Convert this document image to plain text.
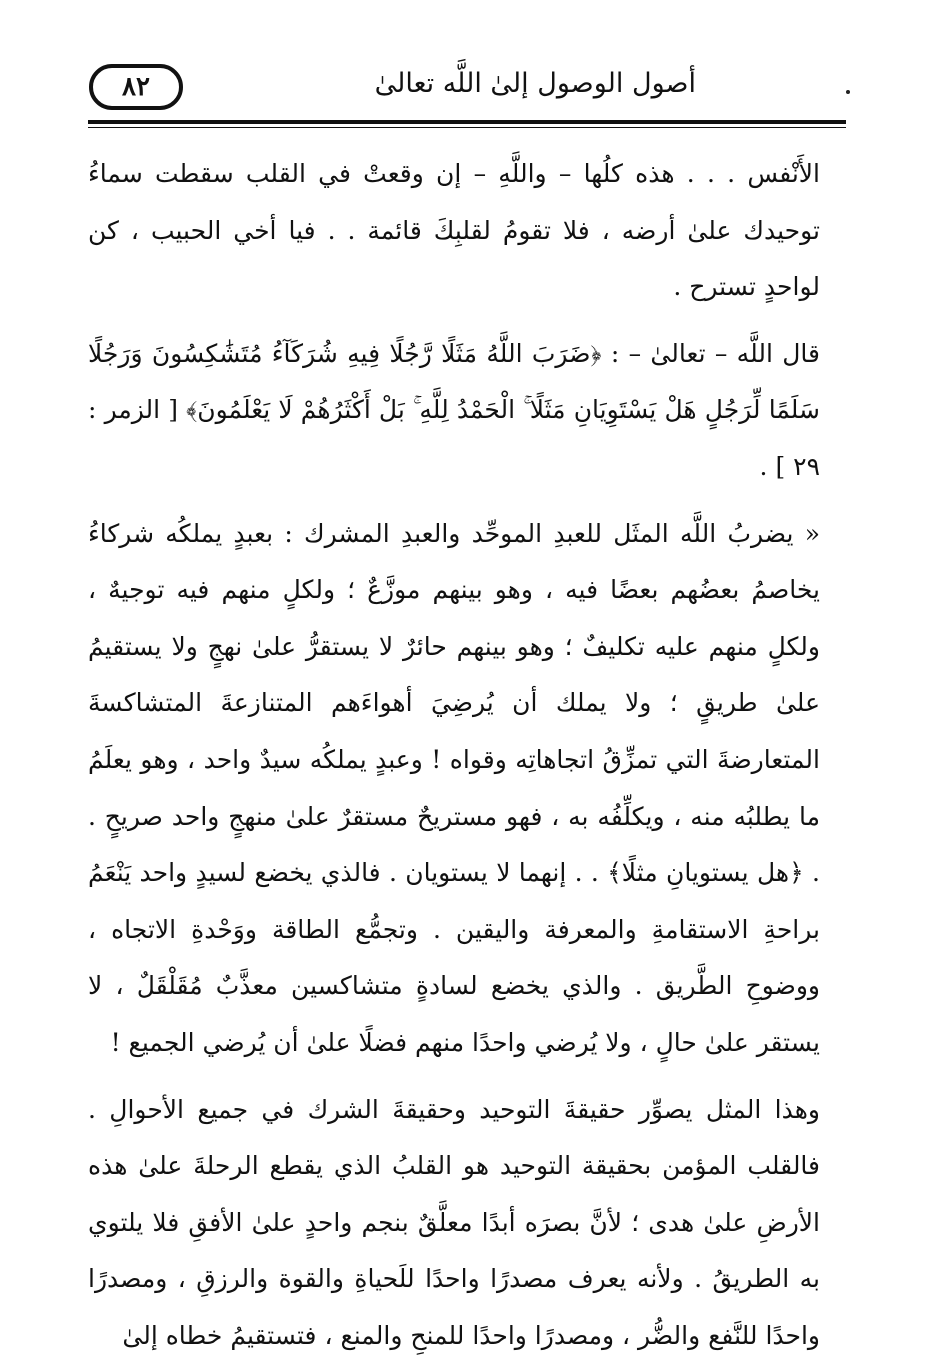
٨٢	أصول الوصول إلىٰ اللَّه تعالىٰ

الأَنْفس . . . هذه كلُها – واللَّهِ – إن وقعتْ في القلب سقطت سماءُ توحيدك علىٰ أرضه ، فلا تقومُ لقلبِكَ قائمة . . فيا أخي الحبيب ، كن لواحدٍ تسترح .

قال اللَّه – تعالىٰ – : ﴿ضَرَبَ اللَّهُ مَثَلًا رَّجُلًا فِيهِ شُرَكَآءُ مُتَشَٰكِسُونَ وَرَجُلًا سَلَمًا لِّرَجُلٍ هَلْ يَسْتَوِيَانِ مَثَلًا ۚ الْحَمْدُ لِلَّهِ ۚ بَلْ أَكْثَرُهُمْ لَا يَعْلَمُونَ﴾ [ الزمر : ٢٩ ] .

« يضربُ اللَّه المثَل للعبدِ الموحِّد والعبدِ المشرك : بعبدٍ يملكُه شركاءُ يخاصمُ بعضُهم بعضًا فيه ، وهو بينهم موزَّعٌ ؛ ولكلٍ منهم فيه توجيهٌ ، ولكلٍ منهم عليه تكليفٌ ؛ وهو بينهم حائرٌ لا يستقرُّ علىٰ نهجٍ ولا يستقيمُ علىٰ طريقٍ ؛ ولا يملك أن يُرضِيَ أهواءَهم المتنازعةَ المتشاكسةَ المتعارضةَ التي تمزِّقُ اتجاهاتِه وقواه ! وعبدٍ يملكُه سيدٌ واحد ، وهو يعلَمُ ما يطلبُه منه ، ويكلِّفُه به ، فهو مستريحٌ مستقرٌ علىٰ منهجٍ واحد صريحٍ . . ﴿هل يستويانِ مثلًا﴾ . . إنهما لا يستويان . فالذي يخضع لسيدٍ واحد يَنْعَمُ براحةِ الاستقامةِ والمعرفة واليقين . وتجمُّع الطاقة ووَحْدةِ الاتجاه ، ووضوحِ الطَّريق . والذي يخضع لسادةٍ متشاكسين معذَّبٌ مُقَلْقَلٌ ، لا يستقر علىٰ حالٍ ، ولا يُرضي واحدًا منهم فضلًا علىٰ أن يُرضي الجميع !

وهذا المثل يصوِّر حقيقةَ التوحيد وحقيقةَ الشرك في جميع الأحوالِ . فالقلب المؤمن بحقيقة التوحيد هو القلبُ الذي يقطع الرحلةَ علىٰ هذه الأرضِ علىٰ هدى ؛ لأنَّ بصرَه أبدًا معلَّقٌ بنجم واحدٍ علىٰ الأفقِ فلا يلتوي به الطريقُ . ولأنه يعرف مصدرًا واحدًا للَحياةِ والقوة والرزقِ ، ومصدرًا واحدًا للنَّفع والضُّر ، ومصدرًا واحدًا للمنحِ والمنع ، فتستقيمُ خطاه إلىٰ
